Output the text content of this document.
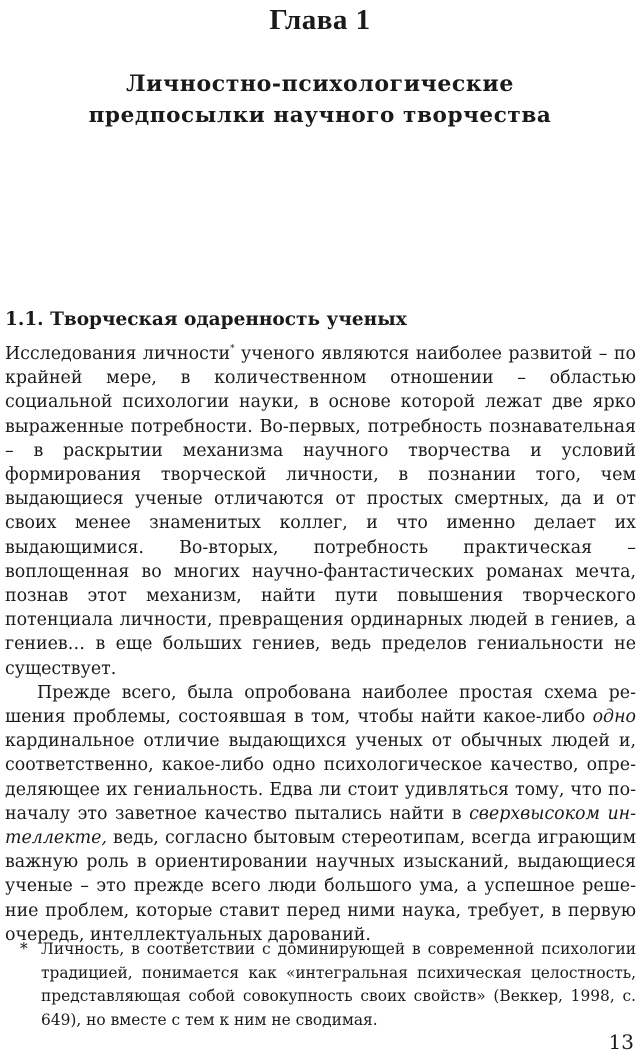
Глава 1
Личностно-психологические
предпосылки научного творчества
1.1. Творческая одаренность ученых

Исследования личности* ученого являются наиболее развитой – по крайней мере, в количественном отношении – областью социальной психологии науки, в основе которой лежат две ярко выраженные потребности. Во-первых, потребность познавательная – в раскрытии механизма научного творчества и условий формирования творческой личности, в познании того, чем выдающиеся ученые отличаются от простых смертных, да и от своих менее знаменитых коллег, и что именно делает их выдающимися. Во-вторых, потребность практическая – воплощенная во многих научно-фантастических романах мечта, познав этот механизм, найти пути повышения творческого потенциала личности, превращения ординарных людей в гениев, а гениев… в еще больших гениев, ведь пределов гениальности не существует.

Прежде всего, была опробована наиболее простая схема решения проблемы, состоявшая в том, чтобы найти какое-либо одно кардинальное отличие выдающихся ученых от обычных людей и, соответственно, какое-либо одно психологическое качество, определяющее их гениальность. Едва ли стоит удивляться тому, что поначалу это заветное качество пытались найти в сверхвысоком интеллекте, ведь, согласно бытовым стереотипам, всегда играющим важную роль в ориентировании научных изысканий, выдающиеся ученые – это прежде всего люди большого ума, а успешное решение проблем, которые ставит перед ними наука, требует, в первую очередь, интеллектуальных дарований.

* Личность, в соответствии с доминирующей в современной психологии традицией, понимается как «интегральная психическая целостность, представляющая собой совокупность своих свойств» (Веккер, 1998, с. 649), но вместе с тем к ним не сводимая.
13
